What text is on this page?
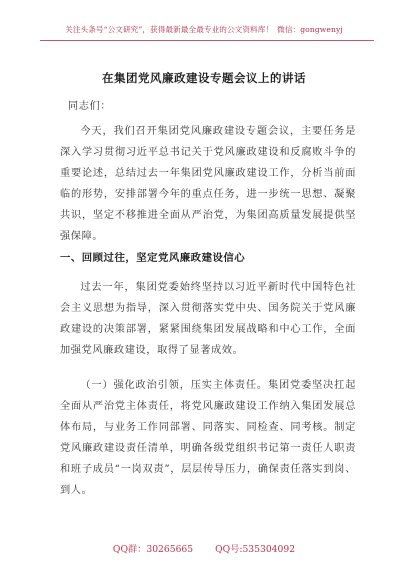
关注头条号“公文研究”，获得最新最全最专业的公文资料库！ 微信：gongwenyj
在集团党风廉政建设专题会议上的讲话
同志们：
今天，我们召开集团党风廉政建设专题会议，主要任务是深入学习贯彻习近平总书记关于党风廉政建设和反腐败斗争的重要论述，总结过去一年集团党风廉政建设工作，分析当前面临的形势，安排部署今年的重点任务，进一步统一思想、凝聚共识，坚定不移推进全面从严治党，为集团高质量发展提供坚强保障。
一、回顾过往，坚定党风廉政建设信心
过去一年，集团党委始终坚持以习近平新时代中国特色社会主义思想为指导，深入贯彻落实党中央、国务院关于党风廉政建设的决策部署，紧紧围绕集团发展战略和中心工作，全面加强党风廉政建设，取得了显著成效。
（一）强化政治引领，压实主体责任。集团党委坚决扛起全面从严治党主体责任，将党风廉政建设工作纳入集团发展总体布局，与业务工作同部署、同落实、同检查、同考核。制定党风廉政建设责任清单，明确各级党组织书记第一责任人职责和班子成员“一岗双责”，层层传导压力，确保责任落实到岗、到人。
QQ群：30265665 QQ号:535304092
